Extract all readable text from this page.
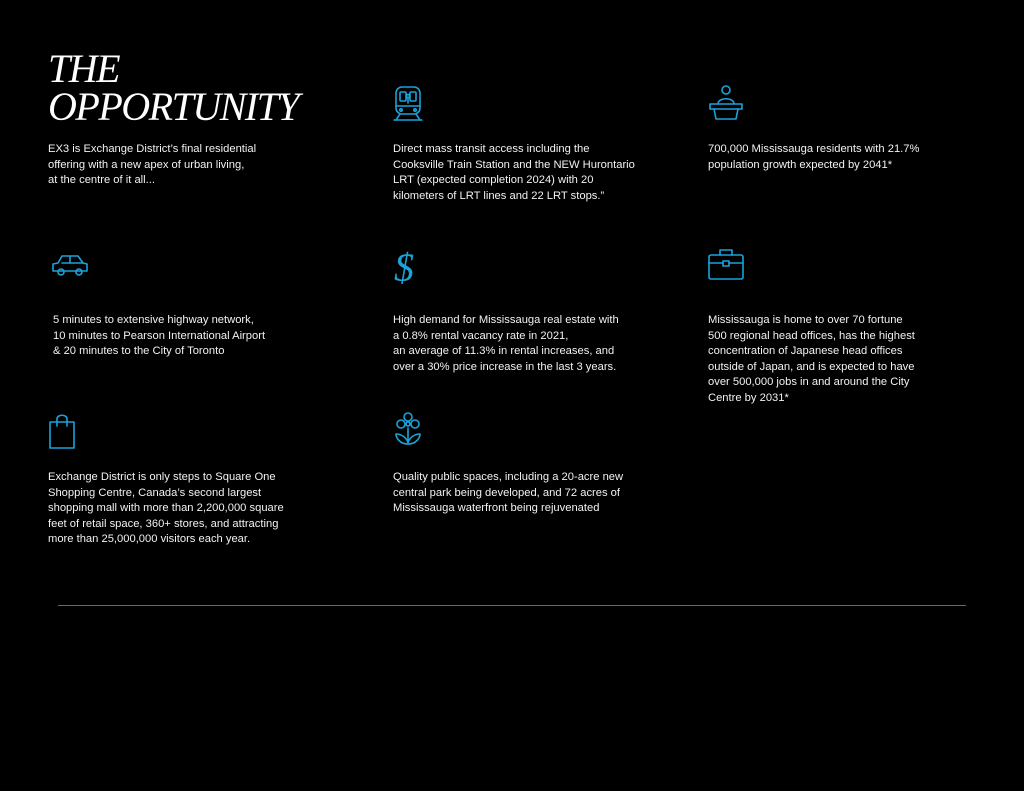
THE
OPPORTUNITY

EX3 is Exchange District’s final residential
offering with a new apex of urban living,
at the centre of it all...

Direct mass transit access including the
Cooksville Train Station and the NEW Hurontario
LRT (expected completion 2024) with 20
kilometers of LRT lines and 22 LRT stops.”

700,000 Mississauga residents with 21.7%
population growth expected by 2041*

5 minutes to extensive highway network,
10 minutes to Pearson International Airport
& 20 minutes to the City of Toronto

$

High demand for Mississauga real estate with
a 0.8% rental vacancy rate in 2021,
an average of 11.3% in rental increases, and
over a 30% price increase in the last 3 years.

Mississauga is home to over 70 fortune
500 regional head offices, has the highest
concentration of Japanese head offices
outside of Japan, and is expected to have
over 500,000 jobs in and around the City
Centre by 2031*

Exchange District is only steps to Square One
Shopping Centre, Canada’s second largest
shopping mall with more than 2,200,000 square
feet of retail space, 360+ stores, and attracting
more than 25,000,000 visitors each year.

Quality public spaces, including a 20-acre new
central park being developed, and 72 acres of
Mississauga waterfront being rejuvenated
